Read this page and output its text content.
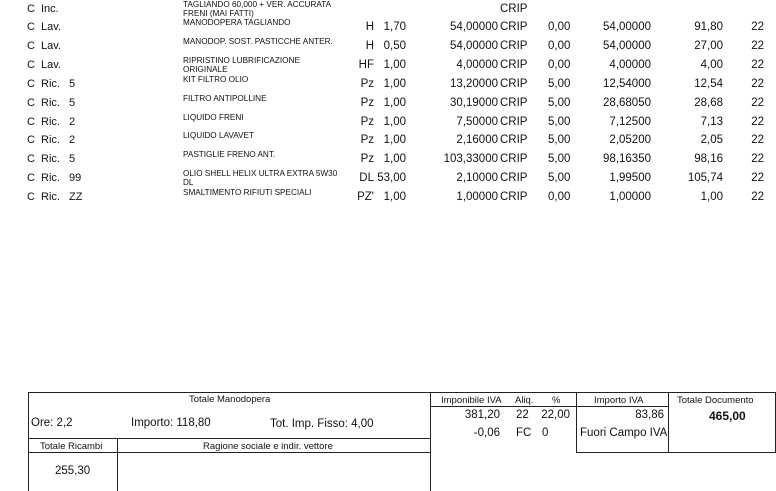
C Inc.	TAGLIANDO 60,000 + VER. ACCURATA FRENI (MAI FATTI)	CRIP
C Lav.	MANODOPERA TAGLIANDO	H 1,70	54,00000 CRIP 0,00	54,00000	91,80	22
C Lav.	MANODOP. SOST. PASTICCHE ANTER.	H 0,50	54,00000 CRIP 0,00	54,00000	27,00	22
C Lav.	RIPRISTINO LUBRIFICAZIONE ORIGINALE	HF 1,00	4,00000 CRIP 0,00	4,00000	4,00	22
C Ric. 5	KIT FILTRO OLIO	Pz 1,00	13,20000 CRIP 5,00	12,54000	12,54	22
C Ric. 5	FILTRO ANTIPOLLINE	Pz 1,00	30,19000 CRIP 5,00	28,68050	28,68	22
C Ric. 2	LIQUIDO FRENI	Pz 1,00	7,50000 CRIP 5,00	7,12500	7,13	22
C Ric. 2	LIQUIDO LAVAVET	Pz 1,00	2,16000 CRIP 5,00	2,05200	2,05	22
C Ric. 5	PASTIGLIE FRENO ANT.	Pz 1,00	103,33000 CRIP 5,00	98,16350	98,16	22
C Ric. 99	OLIO SHELL HELIX ULTRA EXTRA 5W30 DL	DL 53,00	2,10000 CRIP 5,00	1,99500	105,74	22
C Ric. ZZ	SMALTIMENTO RIFIUTI SPECIALI	PZ' 1,00	1,00000 CRIP 0,00	1,00000	1,00	22
Totale Manodopera
Ore: 2,2	Importo: 118,80	Tot. Imp. Fisso: 4,00
Totale Ricambi	Ragione sociale e indir. vettore
255,30
Imponibile IVA Aliq. %	Importo IVA	Totale Documento
381,20 22 22,00	83,86
-0,06 FC 0	Fuori Campo IVA
465,00
